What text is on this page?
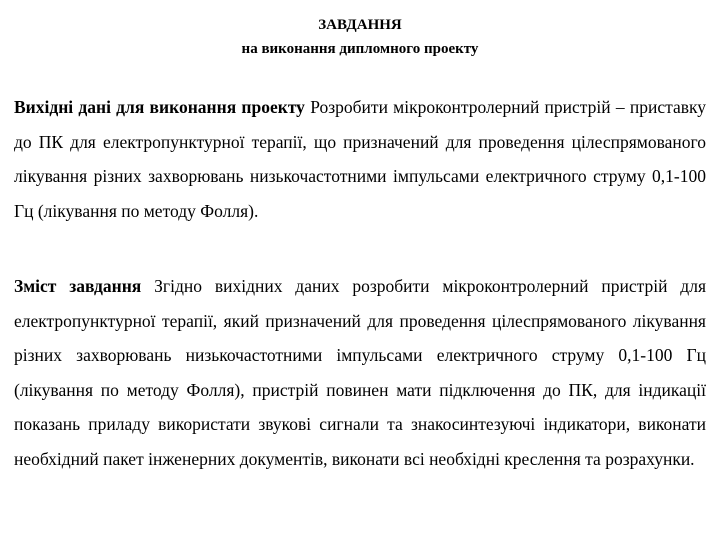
ЗАВДАННЯ
на виконання дипломного проекту

Вихідні дані для виконання проекту Розробити мікроконтролерний пристрій – приставку до ПК для електропунктурної терапії, що призначений для проведення цілеспрямованого лікування різних захворювань низькочастотними імпульсами електричного струму 0,1-100 Гц (лікування по методу Фолля).

Зміст завдання Згідно вихідних даних розробити мікроконтролерний пристрій для електропунктурної терапії, який призначений для проведення цілеспрямованого лікування різних захворювань низькочастотними імпульсами електричного струму 0,1-100 Гц (лікування по методу Фолля), пристрій повинен мати підключення до ПК, для індикації показань приладу використати звукові сигнали та знакосинтезуючі індикатори, виконати необхідний пакет інженерних документів, виконати всі необхідні креслення та розрахунки.
